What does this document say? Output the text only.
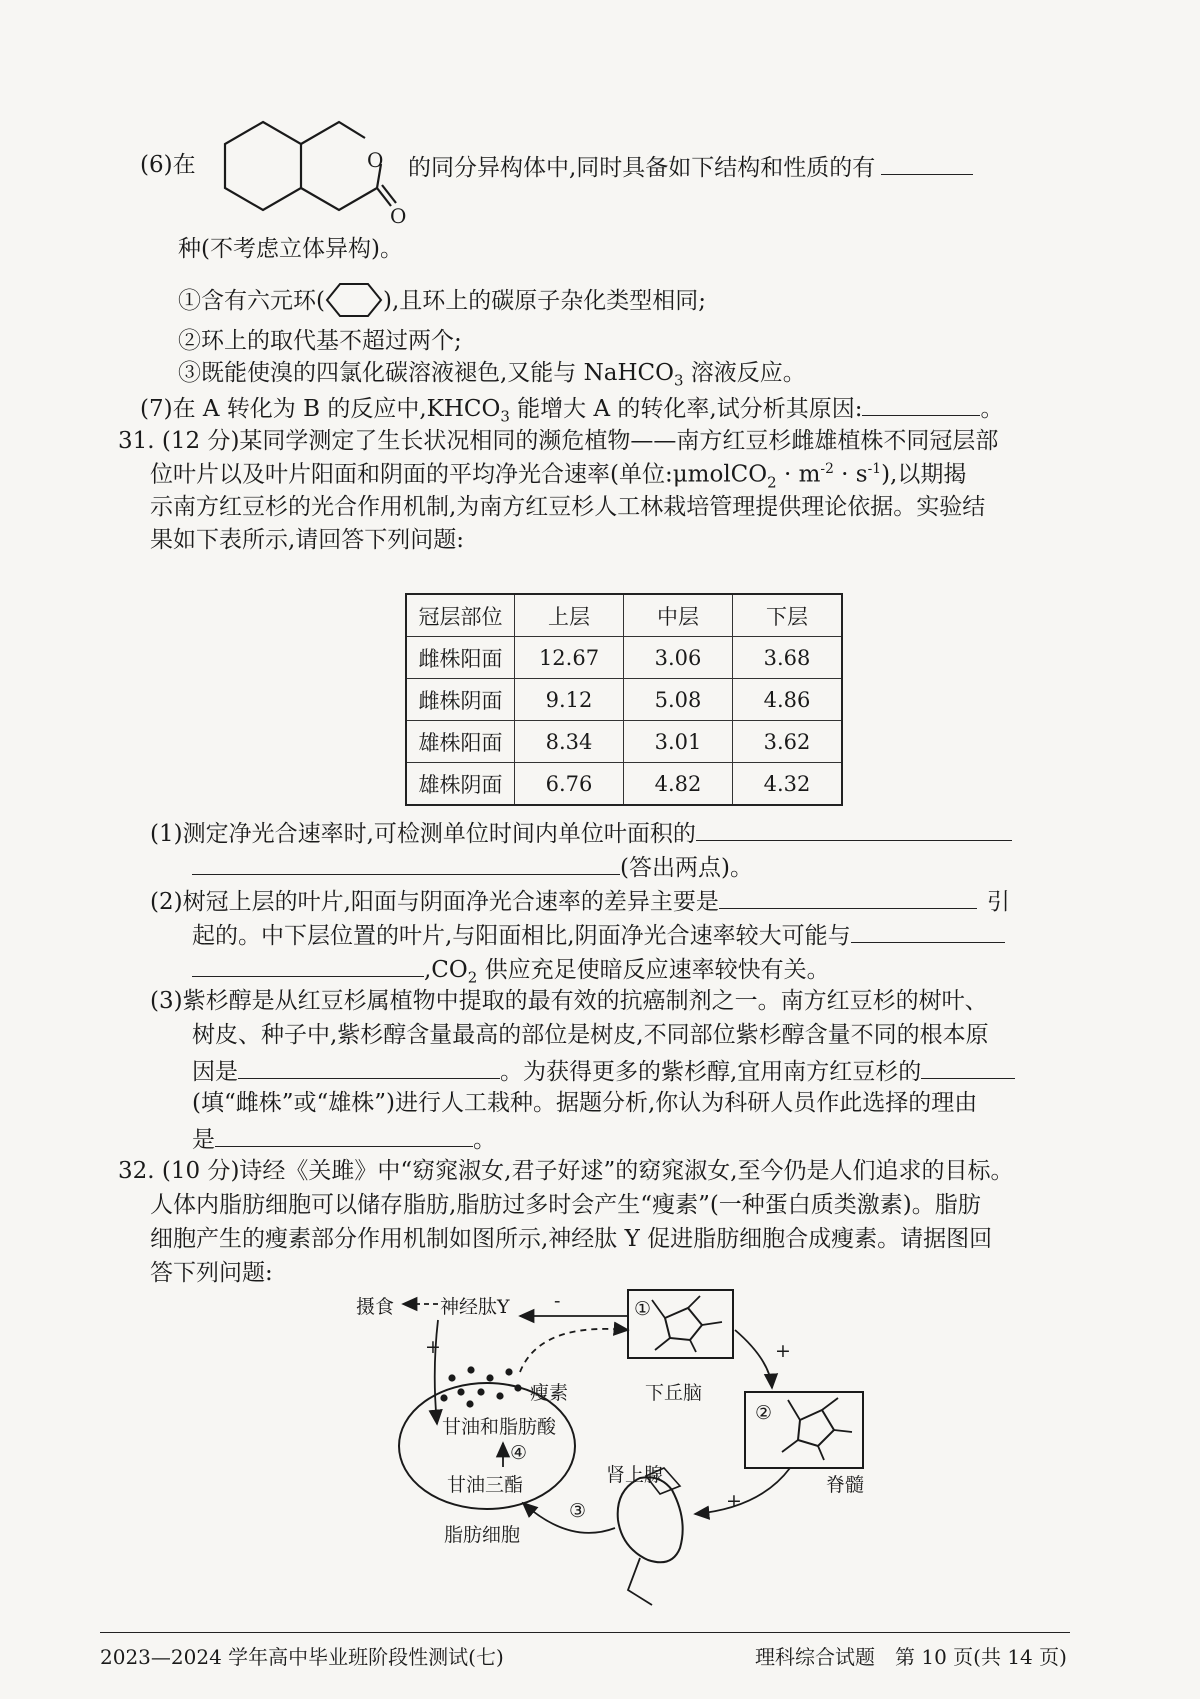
(6)在	O
O
的同分异构体中,同时具备如下结构和性质的有
种(不考虑立体异构)。
①含有六元环(	),且环上的碳原子杂化类型相同;
②环上的取代基不超过两个;
③既能使溴的四氯化碳溶液褪色,又能与 NaHCO$_3$ 溶液反应。
(7)在 A 转化为 B 的反应中$,KHCO_3$ 能增大 A 的转化率,试分析其原因:	。
31. (12 分)某同学测定了生长状况相同的濒危植物——南方红豆杉雌雄植株不同冠层部
位叶片以及叶片阳面和阴面的平均净光合速率(单位:μmolCO$_2$ · $m^{-2} \cdot s^{-1}$),以期揭
示南方红豆杉的光合作用机制,为南方红豆杉人工林栽培管理提供理论依据。实验结
果如下表所示,请回答下列问题:
冠层部位	上层	中层	下层
雌株阳面	12.67	3.06	3.68
雌株阴面	9.12	5.08	4.86
雄株阳面	8.34	3.01	3.62
雄株阴面	6.76	4.82	4.32
(1)测定净光合速率时,可检测单位时间内单位叶面积的
(答出两点)。
(2)树冠上层的叶片,阳面与阴面净光合速率的差异主要是	引
起的。中下层位置的叶片,与阳面相比,阴面净光合速率较大可能与
$,CO_2$ 供应充足使暗反应速率较快有关。
(3)紫杉醇是从红豆杉属植物中提取的最有效的抗癌制剂之一。南方红豆杉的树叶、
树皮、种子中,紫杉醇含量最高的部位是树皮,不同部位紫杉醇含量不同的根本原
因是	。为获得更多的紫杉醇,宜用南方红豆杉的
(填“雌株”或“雄株”)进行人工栽种。据题分析,你认为科研人员作此选择的理由
是	。
32. (10 分)诗经《关雎》中“窈窕淑女,君子好逑”的窈窕淑女,至今仍是人们追求的目标。
人体内脂肪细胞可以储存脂肪,脂肪过多时会产生“瘦素”(一种蛋白质类激素)。脂肪
细胞产生的瘦素部分作用机制如图所示,神经肽 Y 促进脂肪细胞合成瘦素。请据图回
答下列问题:
摄食 神经肽Y -
+
瘦素
①
下丘脑
+
②
脊髓
+
肾上腺
③
甘油和脂肪酸
④
甘油三酯
脂肪细胞
2023—2024 学年高中毕业班阶段性测试(七)	理科综合试题　第 10 页(共 14 页)
